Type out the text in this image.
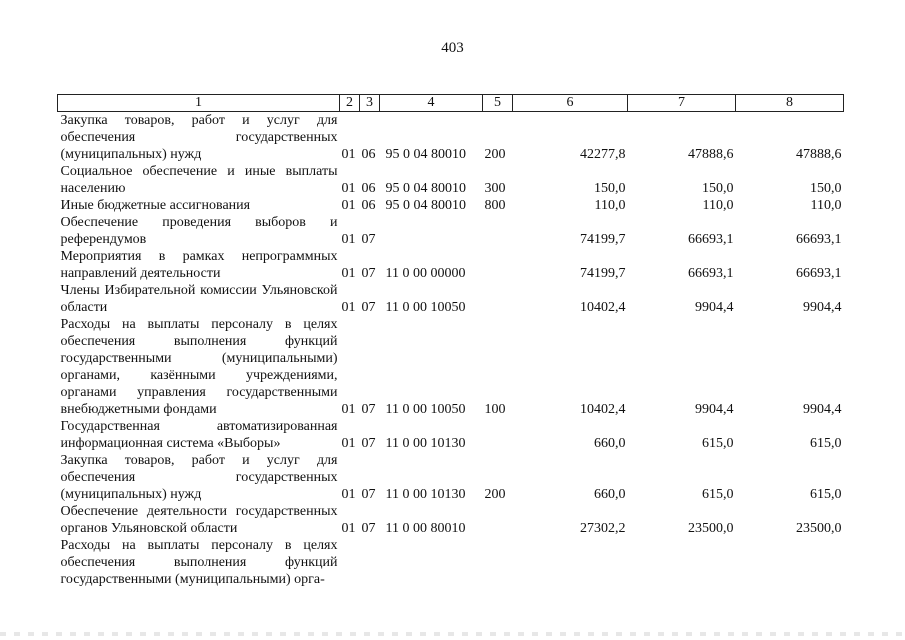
403
1	2	3	4	5	6	7	8
Закупка товаров, работ и услуг для обеспечения государственных (муниципальных) нужд	01	06	95 0 04 80010	200	42277,8	47888,6	47888,6
Социальное обеспечение и иные выплаты населению	01	06	95 0 04 80010	300	150,0	150,0	150,0
Иные бюджетные ассигнования	01	06	95 0 04 80010	800	110,0	110,0	110,0
Обеспечение проведения выборов и референдумов	01	07			74199,7	66693,1	66693,1
Мероприятия в рамках непрограммных направлений деятельности	01	07	11 0 00 00000		74199,7	66693,1	66693,1
Члены Избирательной комиссии Ульяновской области	01	07	11 0 00 10050		10402,4	9904,4	9904,4
Расходы на выплаты персоналу в целях обеспечения выполнения функций государственными (муниципальными) органами, казёнными учреждениями, органами управления государственными внебюджетными фондами	01	07	11 0 00 10050	100	10402,4	9904,4	9904,4
Государственная автоматизированная информационная система «Выборы»	01	07	11 0 00 10130		660,0	615,0	615,0
Закупка товаров, работ и услуг для обеспечения государственных (муниципальных) нужд	01	07	11 0 00 10130	200	660,0	615,0	615,0
Обеспечение деятельности государственных органов Ульяновской области	01	07	11 0 00 80010		27302,2	23500,0	23500,0
Расходы на выплаты персоналу в целях обеспечения выполнения функций государственными (муниципальными) орга-							
